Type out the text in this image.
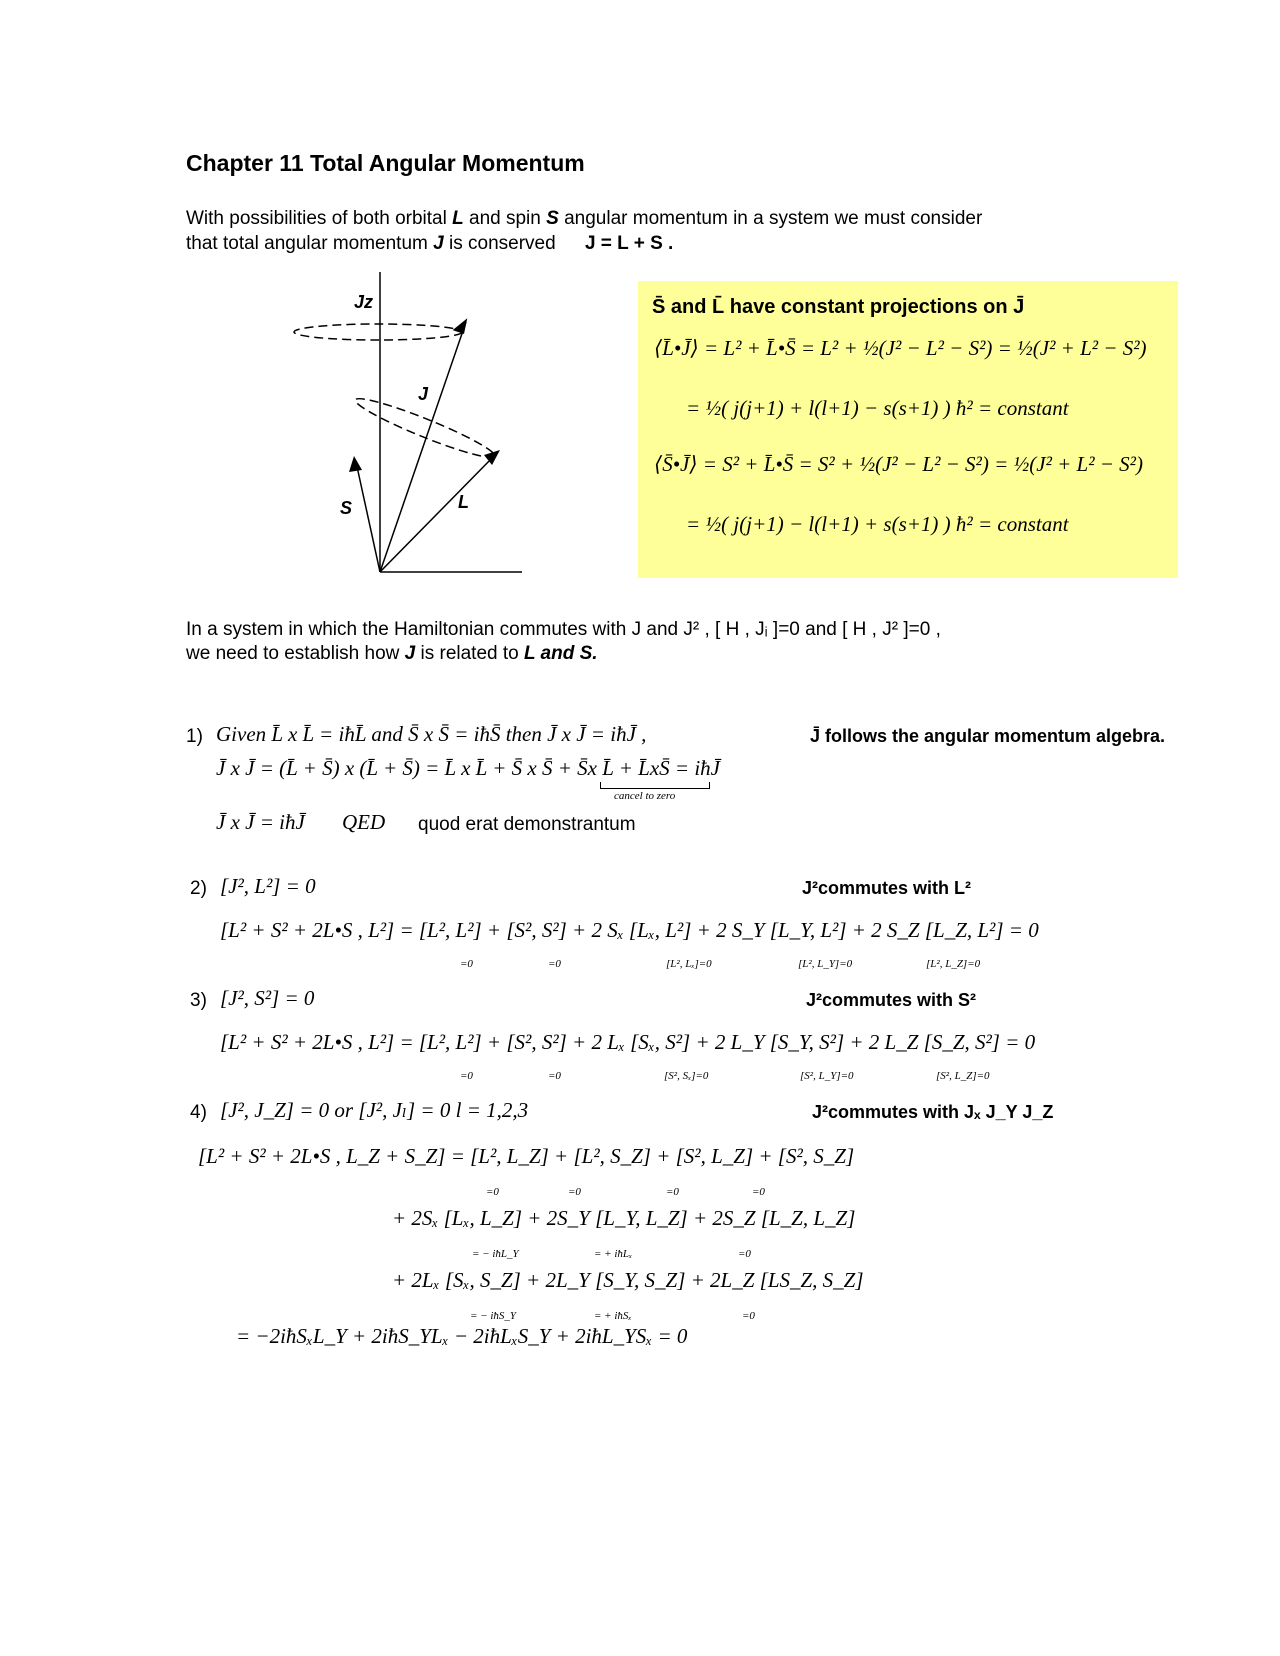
Chapter 11 Total Angular Momentum
With possibilities of both orbital L and spin S angular momentum in a system we must consider
that total angular momentum J is conserved J = L + S .
Jz
J
S	L
S̄ and L̄ have constant projections on J̄
⟨L̄•J̄⟩ = L² + L̄•S̄ = L² + ½(J² − L² − S²) = ½(J² + L² − S²)
= ½( j(j+1) + l(l+1) − s(s+1) ) ħ² = constant
⟨S̄•J̄⟩ = S² + L̄•S̄ = S² + ½(J² − L² − S²) = ½(J² + L² − S²)
= ½( j(j+1) − l(l+1) + s(s+1) ) ħ² = constant
In a system in which the Hamiltonian commutes with J and J² , [ H , Jᵢ ]=0 and [ H , J² ]=0 ,
we need to establish how J is related to L and S.
1) Given L̄ x L̄ = iħL̄ and S̄ x S̄ = iħS̄ then J̄ x J̄ = iħJ̄ ,	J̄ follows the angular momentum algebra.
J̄ x J̄ = (L̄ + S̄) x (L̄ + S̄) = L̄ x L̄ + S̄ x S̄ + S̄x L̄ + L̄xS̄ = iħJ̄
cancel to zero
J̄ x J̄ = iħJ̄ QED quod erat demonstrantum
2) [J², L²] = 0	J²commutes with L²
[L² + S² + 2L•S , L²] = [L², L²] + [S², S²] + 2 Sₓ [Lₓ, L²] + 2 S_Y [L_Y, L²] + 2 S_Z [L_Z, L²] = 0
=0	=0	[L², Lₓ]=0	[L², L_Y]=0	[L², L_Z]=0
3) [J², S²] = 0	J²commutes with S²
[L² + S² + 2L•S , L²] = [L², L²] + [S², S²] + 2 Lₓ [Sₓ, S²] + 2 L_Y [S_Y, S²] + 2 L_Z [S_Z, S²] = 0
=0	=0	[S², Sₓ]=0	[S², L_Y]=0	[S², L_Z]=0
4) [J², J_Z] = 0 or [J², Jₗ] = 0 l = 1,2,3	J²commutes with Jₓ J_Y J_Z
[L² + S² + 2L•S , L_Z + S_Z] = [L², L_Z] + [L², S_Z] + [S², L_Z] + [S², S_Z]
=0	=0	=0	=0
+ 2Sₓ [Lₓ, L_Z] + 2S_Y [L_Y, L_Z] + 2S_Z [L_Z, L_Z]
= − iħL_Y	= + iħLₓ	=0
+ 2Lₓ [Sₓ, S_Z] + 2L_Y [S_Y, S_Z] + 2L_Z [LS_Z, S_Z]
= − iħS_Y	= + iħSₓ	=0
= −2iħSₓL_Y + 2iħS_YLₓ − 2iħLₓS_Y + 2iħL_YSₓ = 0
